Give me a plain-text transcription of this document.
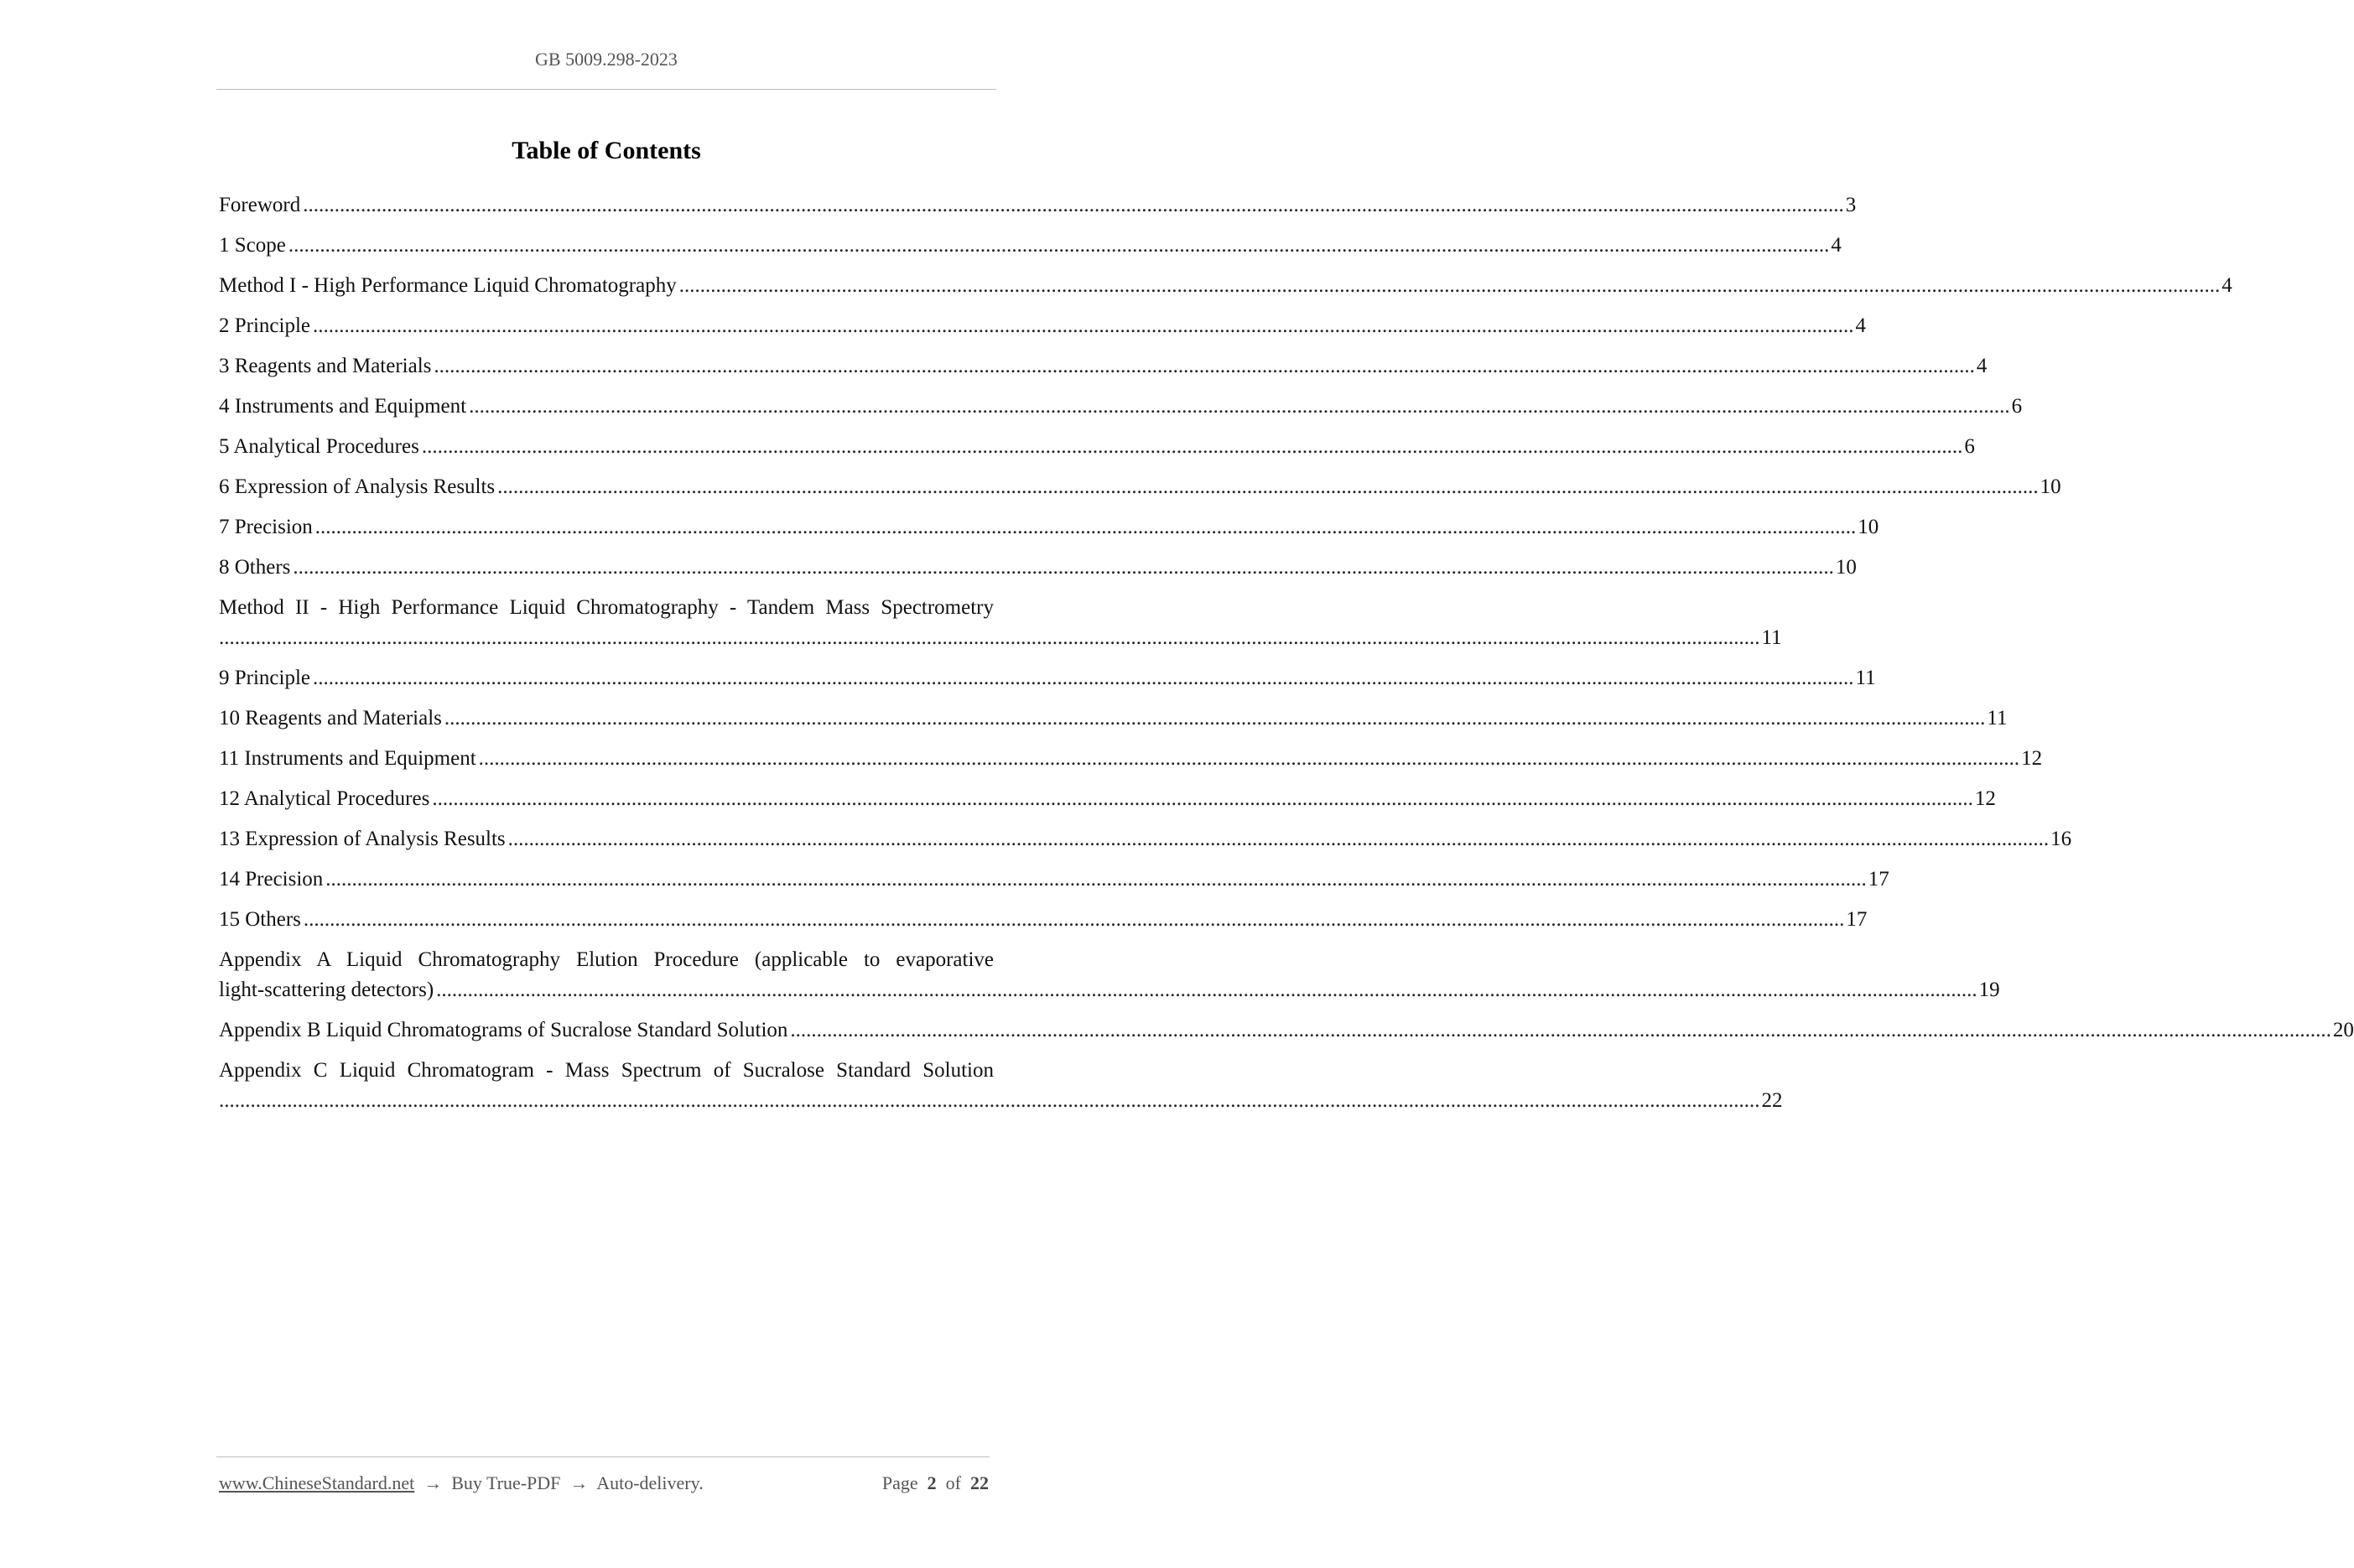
GB 5009.298-2023
Table of Contents
Foreword ...................................................................................................................................................................................................................................................................................................... 3
1 Scope ...................................................................................................................................................................................................................................................................................................... 4
Method I - High Performance Liquid Chromatography ...................................................................................................................................................................................................................................................................................................... 4
2 Principle ...................................................................................................................................................................................................................................................................................................... 4
3 Reagents and Materials ...................................................................................................................................................................................................................................................................................................... 4
4 Instruments and Equipment ...................................................................................................................................................................................................................................................................................................... 6
5 Analytical Procedures ...................................................................................................................................................................................................................................................................................................... 6
6 Expression of Analysis Results ...................................................................................................................................................................................................................................................................................................... 10
7 Precision ...................................................................................................................................................................................................................................................................................................... 10
8 Others ...................................................................................................................................................................................................................................................................................................... 10
Method II - High Performance Liquid Chromatography - Tandem Mass Spectrometry
...................................................................................................................................................................................................................................................................................................... 11
9 Principle ...................................................................................................................................................................................................................................................................................................... 11
10 Reagents and Materials ...................................................................................................................................................................................................................................................................................................... 11
11 Instruments and Equipment ...................................................................................................................................................................................................................................................................................................... 12
12 Analytical Procedures ...................................................................................................................................................................................................................................................................................................... 12
13 Expression of Analysis Results ...................................................................................................................................................................................................................................................................................................... 16
14 Precision ...................................................................................................................................................................................................................................................................................................... 17
15 Others ...................................................................................................................................................................................................................................................................................................... 17
Appendix A Liquid Chromatography Elution Procedure (applicable to evaporative
light-scattering detectors) ...................................................................................................................................................................................................................................................................................................... 19
Appendix B Liquid Chromatograms of Sucralose Standard Solution ...................................................................................................................................................................................................................................................................................................... 20
Appendix C Liquid Chromatogram - Mass Spectrum of Sucralose Standard Solution
...................................................................................................................................................................................................................................................................................................... 22
www.ChineseStandard.net → Buy True-PDF → Auto-delivery.	Page 2 of 22
